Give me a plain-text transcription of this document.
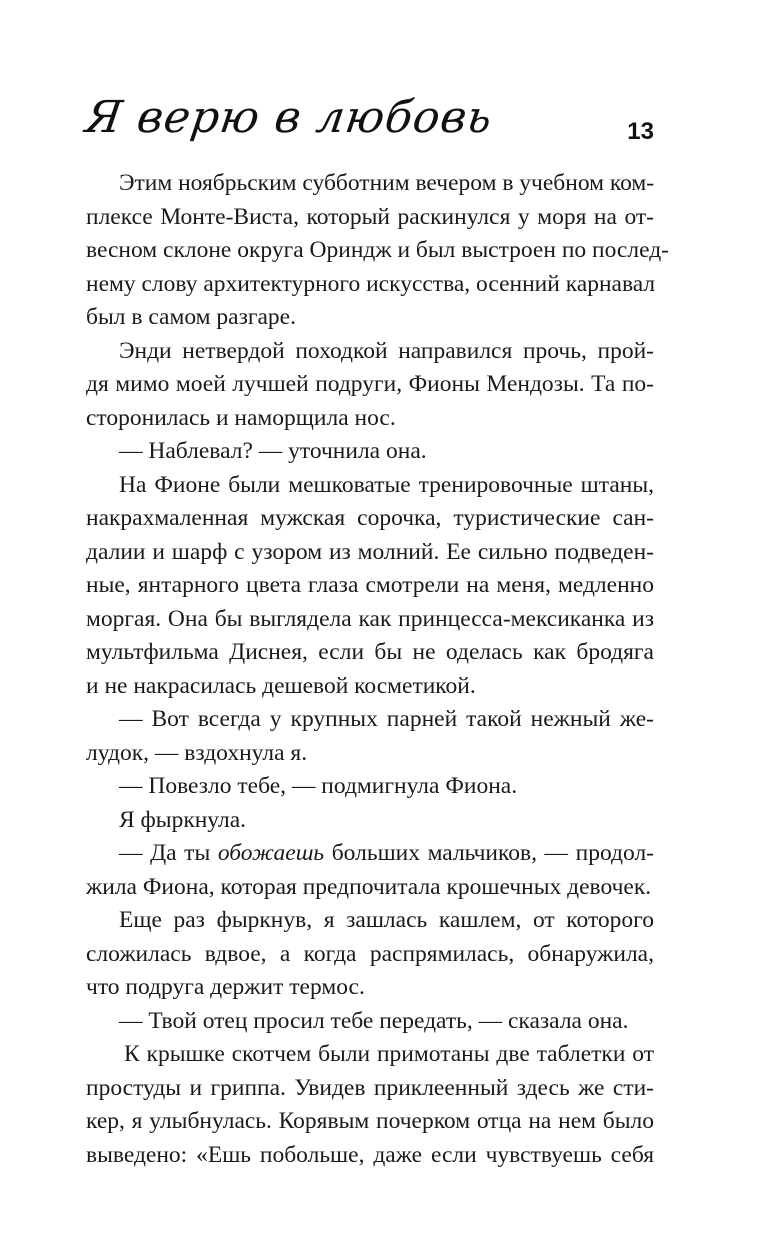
Я верю в любовь	13
Этим ноябрьским субботним вечером в учебном ком-
плексе Монте-Виста, который раскинулся у моря на от-
весном склоне округа Ориндж и был выстроен по послед-
нему слову архитектурного искусства, осенний карнавал
был в самом разгаре.
Энди нетвердой походкой направился прочь, прой-
дя мимо моей лучшей подруги, Фионы Мендозы. Та по-
сторонилась и наморщила нос.
— Наблевал? — уточнила она.
На Фионе были мешковатые тренировочные штаны,
накрахмаленная мужская сорочка, туристические сан-
далии и шарф с узором из молний. Ее сильно подведен-
ные, янтарного цвета глаза смотрели на меня, медленно
моргая. Она бы выглядела как принцесса-мексиканка из
мультфильма Диснея, если бы не оделась как бродяга
и не накрасилась дешевой косметикой.
— Вот всегда у крупных парней такой нежный же-
лудок, — вздохнула я.
— Повезло тебе, — подмигнула Фиона.
Я фыркнула.
— Да ты обожаешь больших мальчиков, — продол-
жила Фиона, которая предпочитала крошечных девочек.
Еще раз фыркнув, я зашлась кашлем, от которого
сложилась вдвое, а когда распрямилась, обнаружила,
что подруга держит термос.
— Твой отец просил тебе передать, — сказала она.
К крышке скотчем были примотаны две таблетки от
простуды и гриппа. Увидев приклеенный здесь же сти-
кер, я улыбнулась. Корявым почерком отца на нем было
выведено: «Ешь побольше, даже если чувствуешь себя
